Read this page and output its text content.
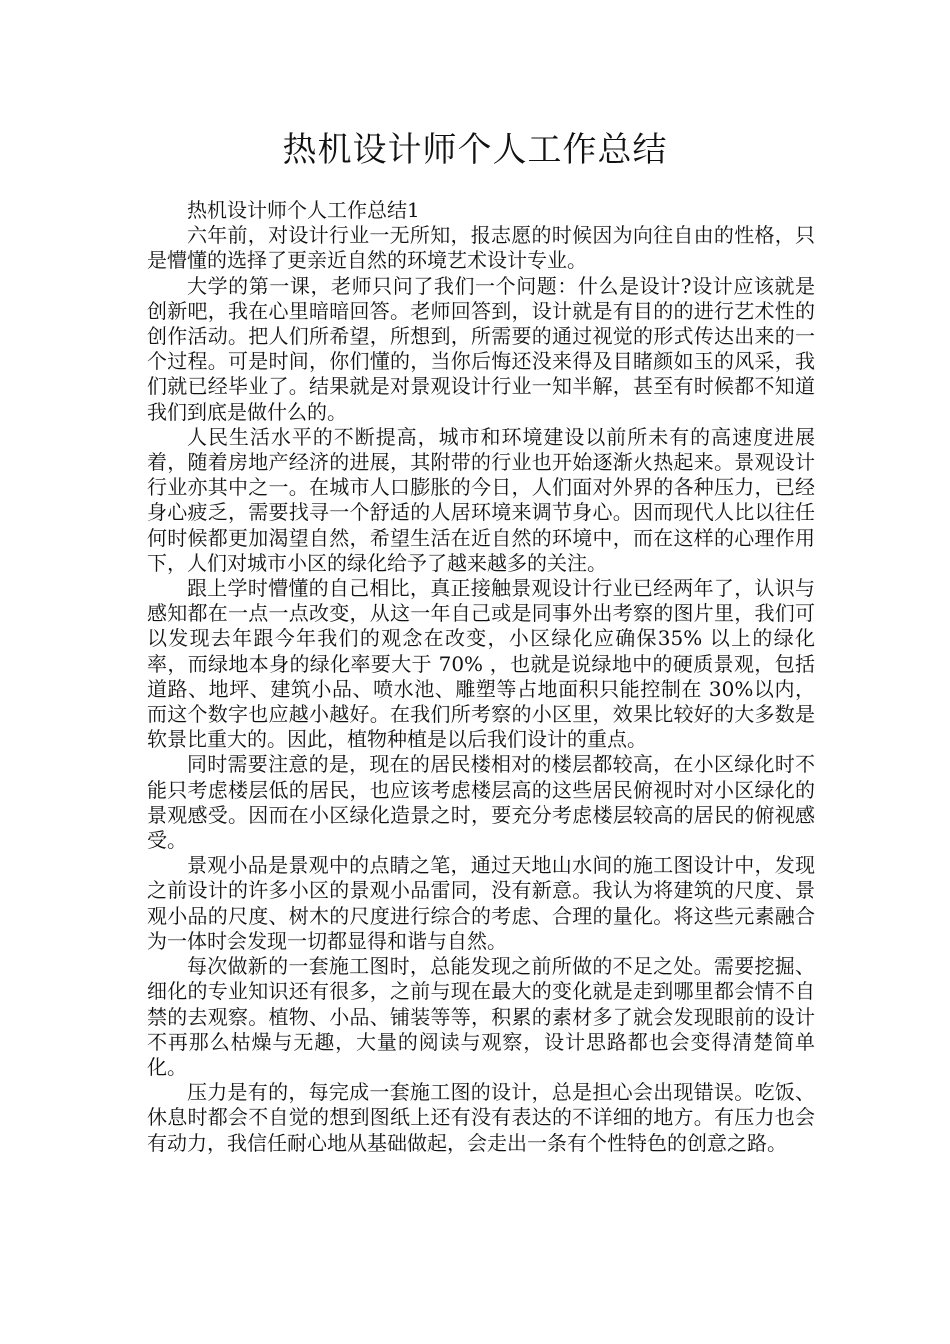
热机设计师个人工作总结

热机设计师个人工作总结1

六年前，对设计行业一无所知，报志愿的时候因为向往自由的性格，只是懵懂的选择了更亲近自然的环境艺术设计专业。

大学的第一课，老师只问了我们一个问题：什么是设计?设计应该就是创新吧，我在心里暗暗回答。老师回答到，设计就是有目的的进行艺术性的创作活动。把人们所希望，所想到，所需要的通过视觉的形式传达出来的一个过程。可是时间，你们懂的，当你后悔还没来得及目睹颜如玉的风采，我们就已经毕业了。结果就是对景观设计行业一知半解，甚至有时候都不知道我们到底是做什么的。

人民生活水平的不断提高，城市和环境建设以前所未有的高速度进展着，随着房地产经济的进展，其附带的行业也开始逐渐火热起来。景观设计行业亦其中之一。在城市人口膨胀的今日，人们面对外界的各种压力，已经身心疲乏，需要找寻一个舒适的人居环境来调节身心。因而现代人比以往任何时候都更加渴望自然，希望生活在近自然的环境中，而在这样的心理作用下，人们对城市小区的绿化给予了越来越多的关注。

跟上学时懵懂的自己相比，真正接触景观设计行业已经两年了，认识与感知都在一点一点改变，从这一年自己或是同事外出考察的图片里，我们可以发现去年跟今年我们的观念在改变，小区绿化应确保35% 以上的绿化率，而绿地本身的绿化率要大于 70% ，也就是说绿地中的硬质景观，包括道路、地坪、建筑小品、喷水池、雕塑等占地面积只能控制在 30%以内，而这个数字也应越小越好。在我们所考察的小区里，效果比较好的大多数是软景比重大的。因此，植物种植是以后我们设计的重点。

同时需要注意的是，现在的居民楼相对的楼层都较高，在小区绿化时不能只考虑楼层低的居民，也应该考虑楼层高的这些居民俯视时对小区绿化的景观感受。因而在小区绿化造景之时，要充分考虑楼层较高的居民的俯视感受。

景观小品是景观中的点睛之笔，通过天地山水间的施工图设计中，发现之前设计的许多小区的景观小品雷同，没有新意。我认为将建筑的尺度、景观小品的尺度、树木的尺度进行综合的考虑、合理的量化。将这些元素融合为一体时会发现一切都显得和谐与自然。

每次做新的一套施工图时，总能发现之前所做的不足之处。需要挖掘、细化的专业知识还有很多，之前与现在最大的变化就是走到哪里都会情不自禁的去观察。植物、小品、铺装等等，积累的素材多了就会发现眼前的设计不再那么枯燥与无趣，大量的阅读与观察，设计思路都也会变得清楚简单化。

压力是有的，每完成一套施工图的设计，总是担心会出现错误。吃饭、休息时都会不自觉的想到图纸上还有没有表达的不详细的地方。有压力也会有动力，我信任耐心地从基础做起，会走出一条有个性特色的创意之路。
